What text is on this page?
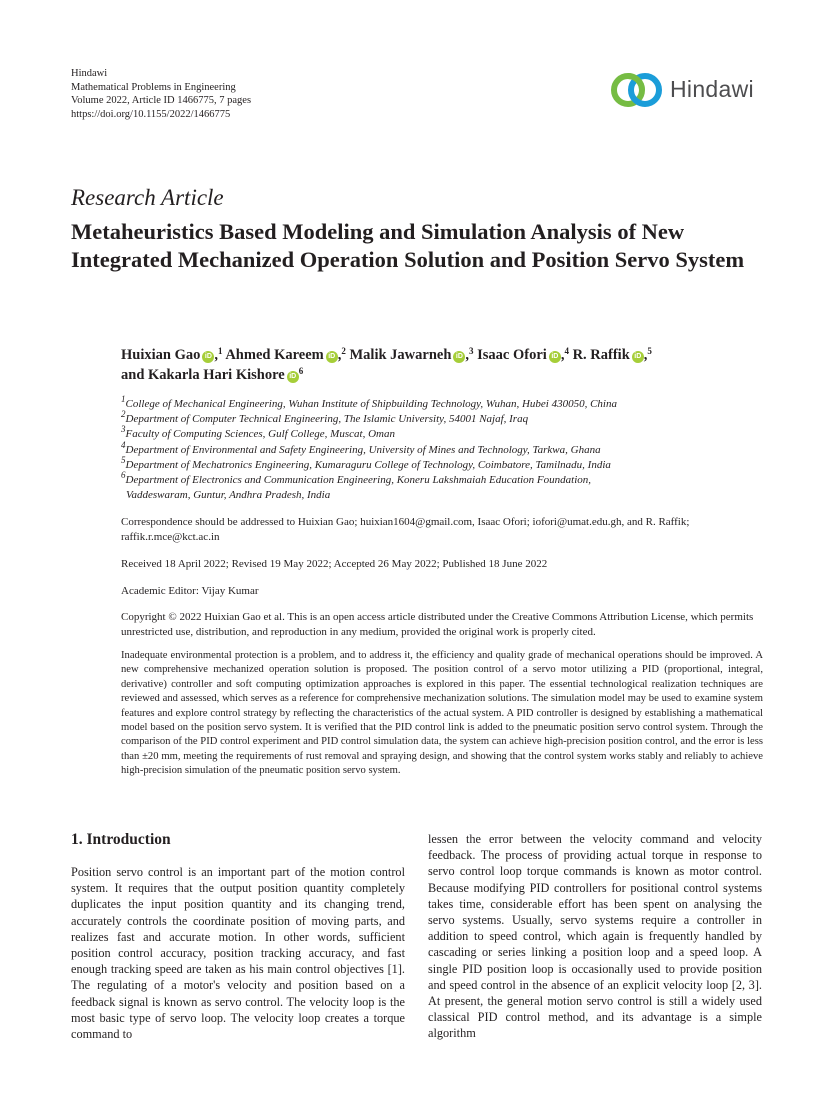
Hindawi
Mathematical Problems in Engineering
Volume 2022, Article ID 1466775, 7 pages
https://doi.org/10.1155/2022/1466775
Hindawi
Research Article
Metaheuristics Based Modeling and Simulation Analysis of New Integrated Mechanized Operation Solution and Position Servo System
Huixian Gao iD ,$^1$ Ahmed Kareem iD ,$^2$ Malik Jawarneh iD ,$^3$ Isaac Ofori iD ,$^4$ R. Raffik iD ,$^5$
and Kakarla Hari Kishore $iD^6$
$^1$College of Mechanical Engineering, Wuhan Institute of Shipbuilding Technology, Wuhan, Hubei 430050, China
$^2$Department of Computer Technical Engineering, The Islamic University, 54001 Najaf, Iraq
$^3$Faculty of Computing Sciences, Gulf College, Muscat, Oman
$^4$Department of Environmental and Safety Engineering, University of Mines and Technology, Tarkwa, Ghana
$^5$Department of Mechatronics Engineering, Kumaraguru College of Technology, Coimbatore, Tamilnadu, India
$^6$Department of Electronics and Communication Engineering, Koneru Lakshmaiah Education Foundation,
Vaddeswaram, Guntur, Andhra Pradesh, India
Correspondence should be addressed to Huixian Gao; huixian1604@gmail.com, Isaac Ofori; iofori@umat.edu.gh, and R. Raffik; raffik.r.mce@kct.ac.in
Received 18 April 2022; Revised 19 May 2022; Accepted 26 May 2022; Published 18 June 2022
Academic Editor: Vijay Kumar
Copyright © 2022 Huixian Gao et al. This is an open access article distributed under the Creative Commons Attribution License, which permits unrestricted use, distribution, and reproduction in any medium, provided the original work is properly cited.
Inadequate environmental protection is a problem, and to address it, the efficiency and quality grade of mechanical operations should be improved. A new comprehensive mechanized operation solution is proposed. The position control of a servo motor utilizing a PID (proportional, integral, derivative) controller and soft computing optimization approaches is explored in this paper. The essential technological realization techniques are reviewed and assessed, which serves as a reference for comprehensive mechanization solutions. The simulation model may be used to examine system features and explore control strategy by reflecting the characteristics of the actual system. A PID controller is designed by establishing a mathematical model based on the position servo system. It is verified that the PID control link is added to the pneumatic position servo control system. Through the comparison of the PID control experiment and PID control simulation data, the system can achieve high-precision position control, and the error is less than ±20 mm, meeting the requirements of rust removal and spraying design, and showing that the control system works stably and reliably to achieve high-precision simulation of the pneumatic position servo system.
1. Introduction
Position servo control is an important part of the motion control system. It requires that the output position quantity completely duplicates the input position quantity and its changing trend, accurately controls the coordinate position of moving parts, and realizes fast and accurate motion. In other words, sufficient position control accuracy, position tracking accuracy, and fast enough tracking speed are taken as his main control objectives [1]. The regulating of a motor's velocity and position based on a feedback signal is known as servo control. The velocity loop is the most basic type of servo loop. The velocity loop creates a torque command to
lessen the error between the velocity command and velocity feedback. The process of providing actual torque in response to servo control loop torque commands is known as motor control. Because modifying PID controllers for positional control systems takes time, considerable effort has been spent on analysing the servo systems. Usually, servo systems require a controller in addition to speed control, which again is frequently handled by cascading or series linking a position loop and a speed loop. A single PID position loop is occasionally used to provide position and speed control in the absence of an explicit velocity loop [2, 3]. At present, the general motion servo control is still a widely used classical PID control method, and its advantage is a simple algorithm
